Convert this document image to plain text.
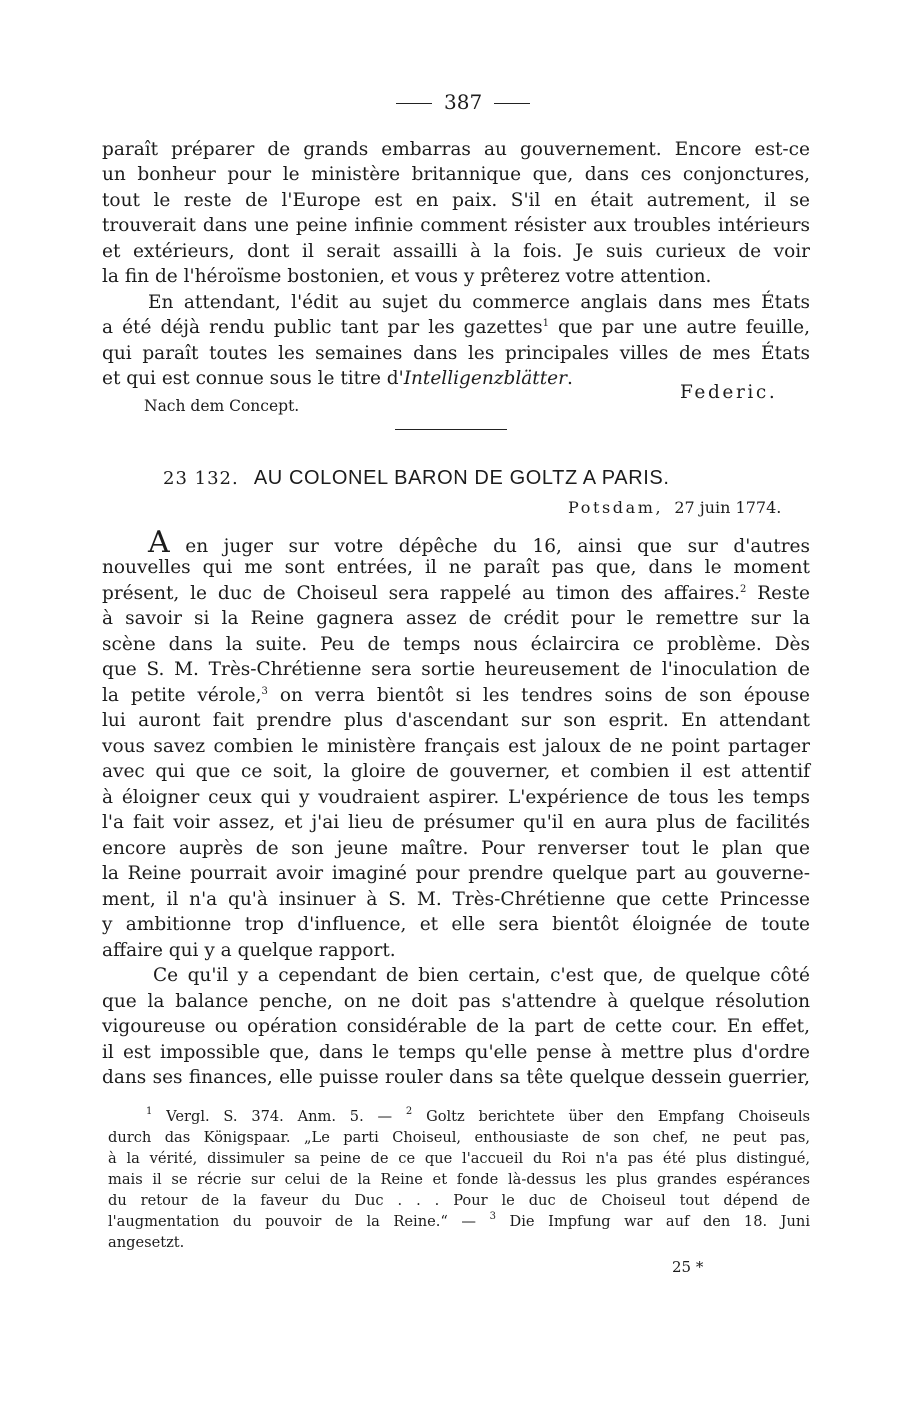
387
paraît préparer de grands embarras au gouvernement. Encore est-ce
un bonheur pour le ministère britannique que, dans ces conjonctures,
tout le reste de l'Europe est en paix. S'il en était autrement, il se
trouverait dans une peine infinie comment résister aux troubles intérieurs
et extérieurs, dont il serait assailli à la fois. Je suis curieux de voir
la fin de l'héroïsme bostonien, et vous y prêterez votre attention.
En attendant, l'édit au sujet du commerce anglais dans mes États
a été déjà rendu public tant par les gazettes$^1$ que par une autre feuille,
qui paraît toutes les semaines dans les principales villes de mes États
et qui est connue sous le titre d'Intelligenzblätter.
Federic.
Nach dem Concept.
23 132. AU COLONEL BARON DE GOLTZ A PARIS.
Potsdam, 27 juin 1774.
A en juger sur votre dépêche du 16, ainsi que sur d'autres
nouvelles qui me sont entrées, il ne paraît pas que, dans le moment
présent, le duc de Choiseul sera rappelé au timon des affaires.$^2$ Reste
à savoir si la Reine gagnera assez de crédit pour le remettre sur la
scène dans la suite. Peu de temps nous éclaircira ce problème. Dès
que S. M. Très-Chrétienne sera sortie heureusement de l'inoculation de
la petite vérole,$^3$ on verra bientôt si les tendres soins de son épouse
lui auront fait prendre plus d'ascendant sur son esprit. En attendant
vous savez combien le ministère français est jaloux de ne point partager
avec qui que ce soit, la gloire de gouverner, et combien il est attentif
à éloigner ceux qui y voudraient aspirer. L'expérience de tous les temps
l'a fait voir assez, et j'ai lieu de présumer qu'il en aura plus de facilités
encore auprès de son jeune maître. Pour renverser tout le plan que
la Reine pourrait avoir imaginé pour prendre quelque part au gouverne-
ment, il n'a qu'à insinuer à S. M. Très-Chrétienne que cette Princesse
y ambitionne trop d'influence, et elle sera bientôt éloignée de toute
affaire qui y a quelque rapport.
Ce qu'il y a cependant de bien certain, c'est que, de quelque côté
que la balance penche, on ne doit pas s'attendre à quelque résolution
vigoureuse ou opération considérable de la part de cette cour. En effet,
il est impossible que, dans le temps qu'elle pense à mettre plus d'ordre
dans ses finances, elle puisse rouler dans sa tête quelque dessein guerrier,
$^1$ Vergl. S. 374. Anm. 5. — $^2$ Goltz berichtete über den Empfang Choiseuls
durch das Königspaar. „Le parti Choiseul, enthousiaste de son chef, ne peut pas,
à la vérité, dissimuler sa peine de ce que l'accueil du Roi n'a pas été plus distingué,
mais il se récrie sur celui de la Reine et fonde là-dessus les plus grandes espérances
du retour de la faveur du Duc . . . Pour le duc de Choiseul tout dépend de
l'augmentation du pouvoir de la Reine.“ — $^3$ Die Impfung war auf den 18. Juni
angesetzt.
25 *
